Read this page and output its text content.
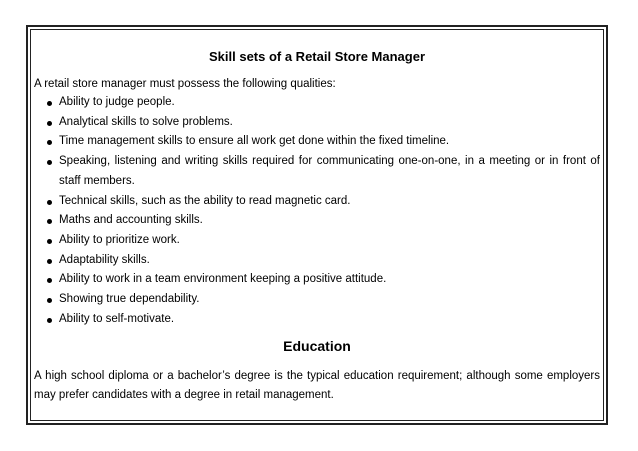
Skill sets of a Retail Store Manager

A retail store manager must possess the following qualities:

Ability to judge people.
Analytical skills to solve problems.
Time management skills to ensure all work get done within the fixed timeline.
Speaking, listening and writing skills required for communicating one-on-one, in a meeting or in front of staff members.
Technical skills, such as the ability to read magnetic card.
Maths and accounting skills.
Ability to prioritize work.
Adaptability skills.
Ability to work in a team environment keeping a positive attitude.
Showing true dependability.
Ability to self-motivate.
Education

A high school diploma or a bachelor’s degree is the typical education requirement; although some employers may prefer candidates with a degree in retail management.
